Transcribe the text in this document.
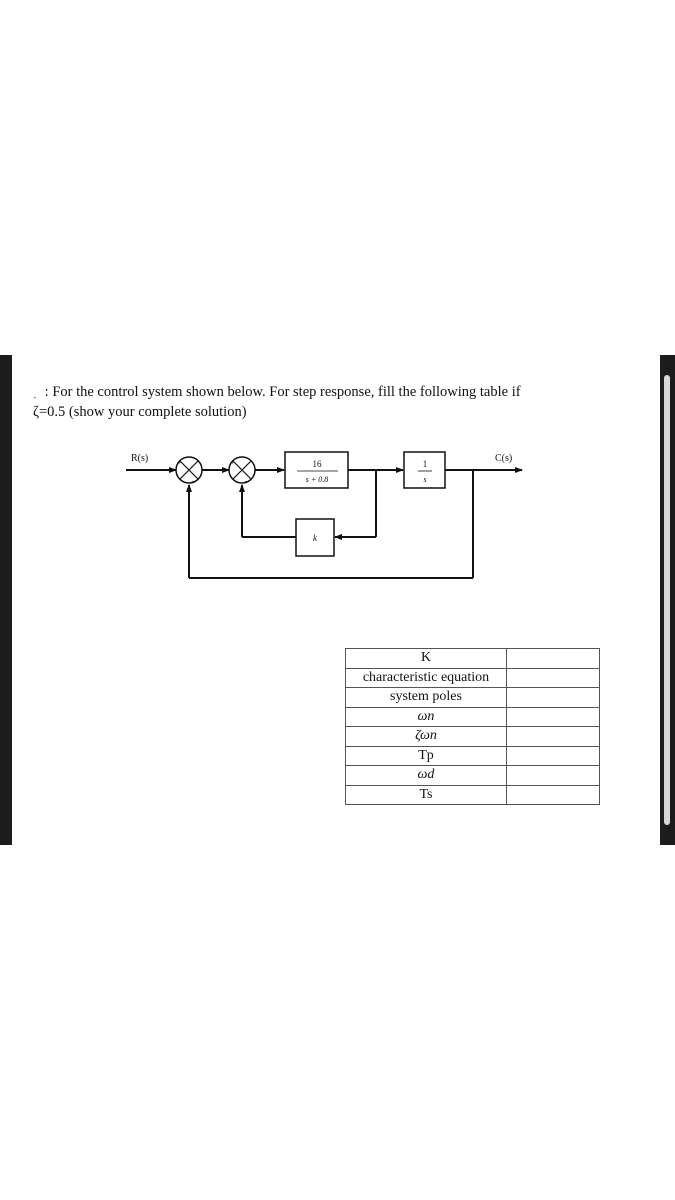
ˎ : For the control system shown below. For step response, fill the following table if
ζ=0.5 (show your complete solution)
R(s)	C(s)
+
−
+
−
16
s + 0.8
1
s
k
K	
characteristic equation	
system poles	
ωn	
ζωn	
Tp	
ωd	
Ts	
